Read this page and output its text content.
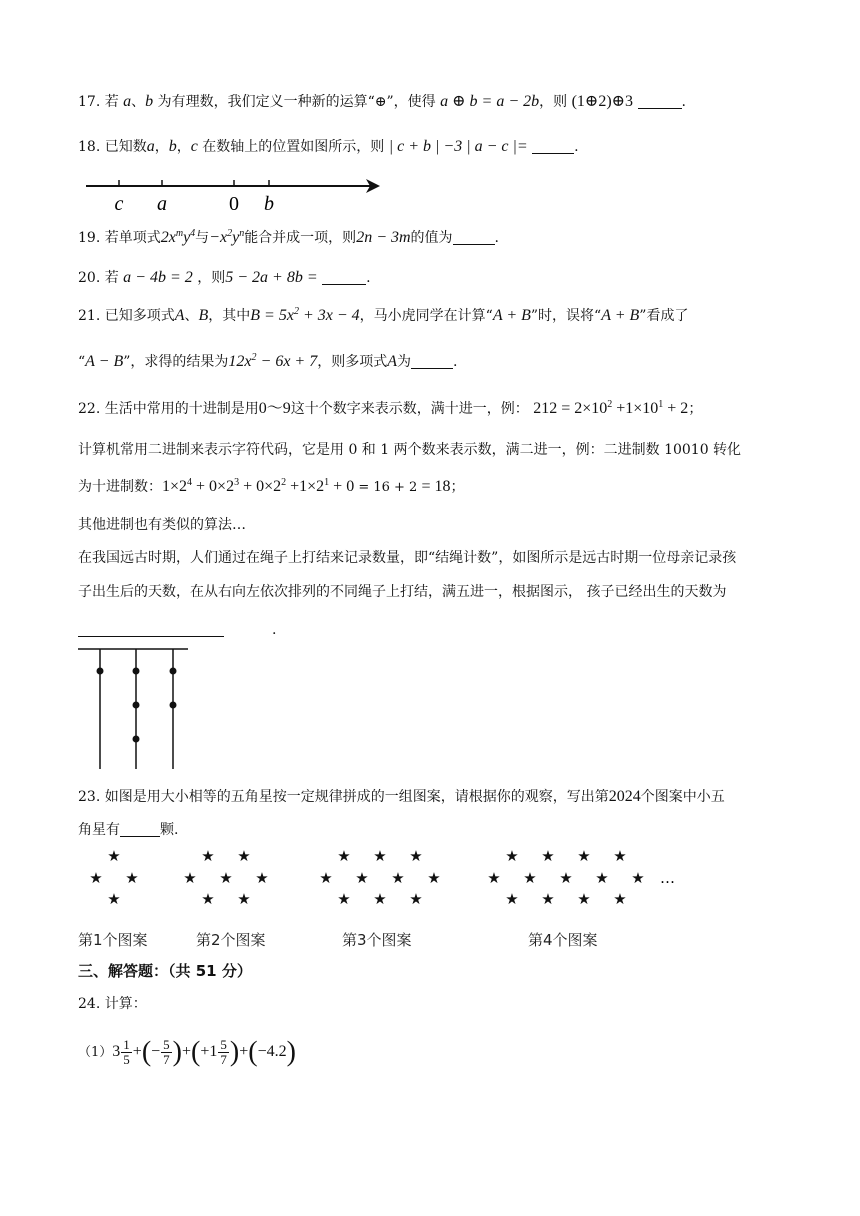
17. 若 a、b 为有理数，我们定义一种新的运算“⊕”，使得 a ⊕ b = a − 2b，则 (1⊕2)⊕3	.
18. 已知数a，b，c 在数轴上的位置如图所示，则 | c + b | −3 | a − c |=	.
c a	0 b
19. 若单项式$2x^my^4$与$-x^2y^n$能合并成一项，则2n − 3m的值为	.
20. 若 a − 4b = 2 ，则5 − 2a + 8b =	.
21. 已知多项式A、B，其中$B = 5x^2 + 3x - 4$，马小虎同学在计算“A + B”时，误将“A + B”看成了
“A − B”，求得的结果为$12x^2 - 6x + 7$，则多项式A为	.
22. 生活中常用的十进制是用0～9这十个数字来表示数，满十进一，例： $212 = 2\times 10^2 +1\times 10^1 + 2$；
计算机常用二进制来表示字符代码，它是用 0 和 1 两个数来表示数，满二进一，例：二进制数 10010 转化
为十进制数：$1\times 2^4 + 0\times 2^3 + 0\times 2^2 +1\times 2^1 + 0 = 16 + 2 = 18$；
其他进制也有类似的算法…
在我国远古时期，人们通过在绳子上打结来记录数量，即“结绳计数”，如图所示是远古时期一位母亲记录孩
子出生后的天数，在从右向左依次排列的不同绳子上打结，满五进一，根据图示， 孩子已经出生的天数为
.
23. 如图是用大小相等的五角星按一定规律拼成的一组图案，请根据你的观察，写出第2024个图案中小五
角星有	颗.
★
★ ★
★
★ ★
★ ★ ★
★ ★
★ ★ ★
★ ★ ★ ★
★ ★ ★
★ ★ ★ ★
★ ★ ★ ★ ★
★ ★ ★ ★
…
第1个图案	第2个图案	第3个图案	第4个图案
三、解答题：（共 51 分）
24. 计算：
$(1)3 \frac{1}{5}$ +(− $\frac{5}{7} )+(+1 \frac{5}{7} )+(-4.2)$
